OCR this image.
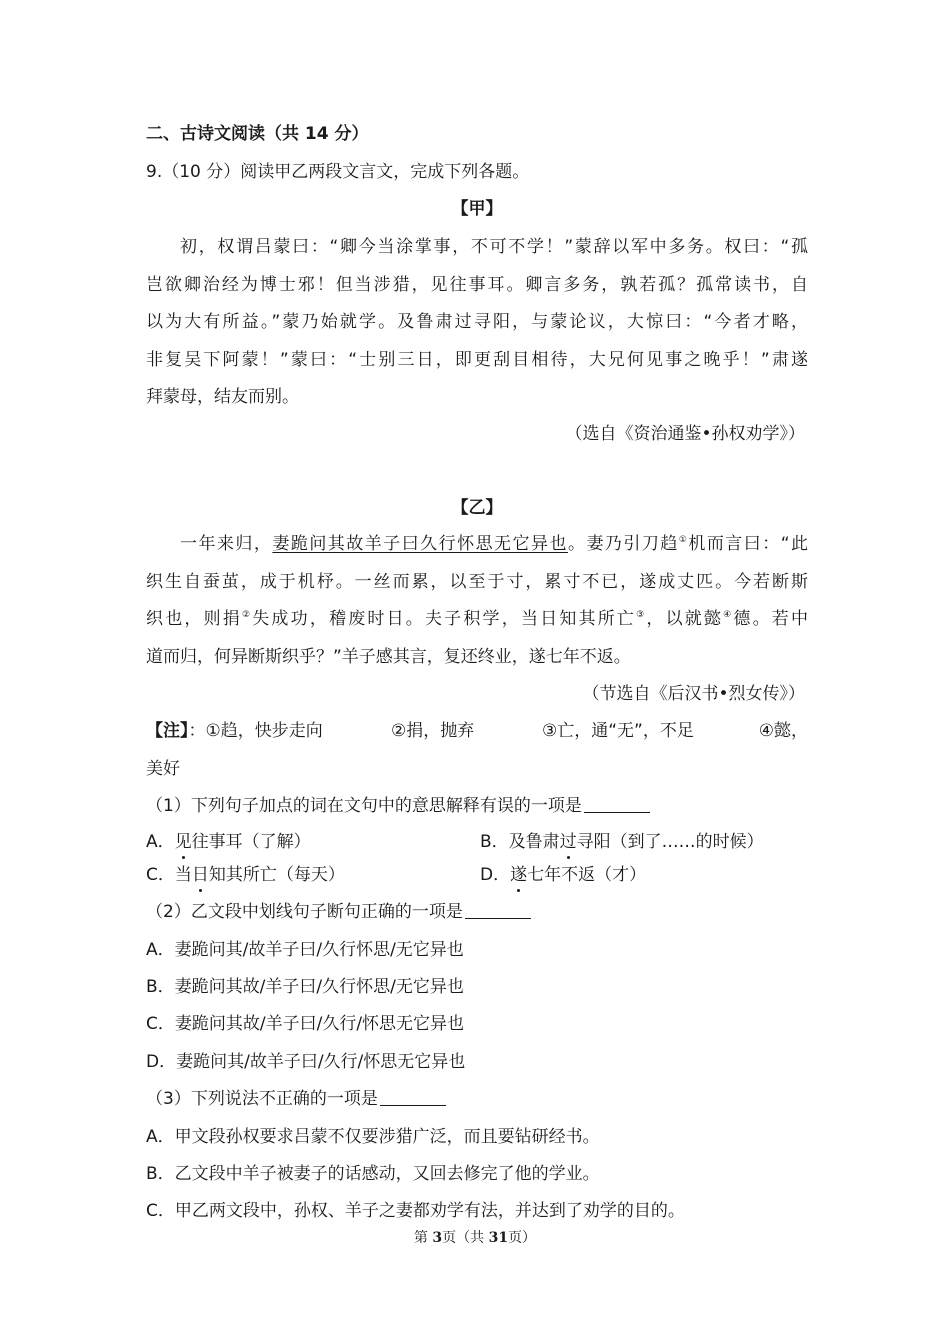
二、古诗文阅读（共 14 分）
9.（10 分）阅读甲乙两段文言文，完成下列各题。
【甲】
初，权谓吕蒙曰：“卿今当涂掌事，不可不学！”蒙辞以军中多务。权曰：“孤
岂欲卿治经为博士邪！但当涉猎，见往事耳。卿言多务，孰若孤？孤常读书，自
以为大有所益。”蒙乃始就学。及鲁肃过寻阳，与蒙论议，大惊曰：“今者才略，
非复吴下阿蒙！”蒙曰：“士别三日，即更刮目相待，大兄何见事之晚乎！”肃遂
拜蒙母，结友而别。
（选自《资治通鉴•孙权劝学》）
【乙】
一年来归，妻跪问其故羊子曰久行怀思无它异也。妻乃引刀趋①机而言曰：“此
织生自蚕茧，成于机杼。一丝而累，以至于寸，累寸不已，遂成丈匹。今若断斯
织也，则捐②失成功，稽废时日。夫子积学，当日知其所亡③，以就懿④德。若中
道而归，何异断斯织乎？”羊子感其言，复还终业，遂七年不返。
（节选自《后汉书•烈女传》）
【注】：①趋，快步走向	②捐，抛弃	③亡，通“无”，不足	④懿，
美好
（1）下列句子加点的词在文句中的意思解释有误的一项是
A．见往事耳（了解）	B．及鲁肃过寻阳（到了……的时候）
C．当日知其所亡（每天）	D．遂七年不返（才）
（2）乙文段中划线句子断句正确的一项是
A．妻跪问其/故羊子曰/久行怀思/无它异也
B．妻跪问其故/羊子曰/久行怀思/无它异也
C．妻跪问其故/羊子曰/久行/怀思无它异也
D．妻跪问其/故羊子曰/久行/怀思无它异也
（3）下列说法不正确的一项是
A．甲文段孙权要求吕蒙不仅要涉猎广泛，而且要钻研经书。
B．乙文段中羊子被妻子的话感动，又回去修完了他的学业。
C．甲乙两文段中，孙权、羊子之妻都劝学有法，并达到了劝学的目的。
第 3页（共 31页）
